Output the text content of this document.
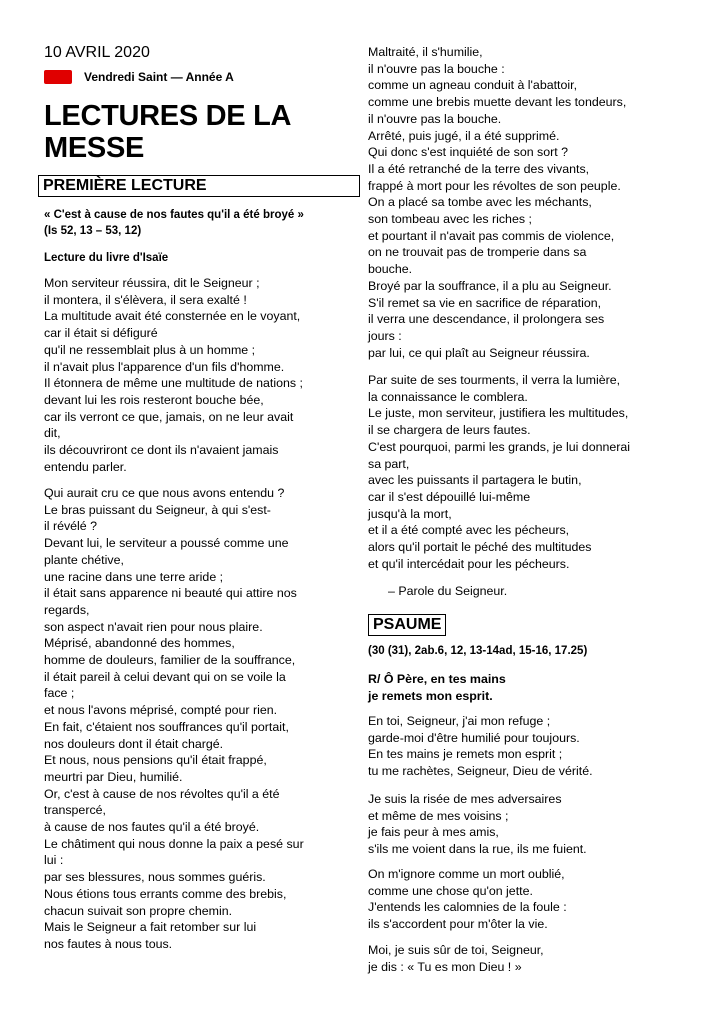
10 AVRIL 2020
Vendredi Saint — Année A
LECTURES DE LA
MESSE
PREMIÈRE LECTURE
« C'est à cause de nos fautes qu'il a été broyé »
(Is 52, 13 – 53, 12)
Lecture du livre d'Isaïe
Mon serviteur réussira, dit le Seigneur ;
il montera, il s'élèvera, il sera exalté !
La multitude avait été consternée en le voyant,
car il était si défiguré
qu'il ne ressemblait plus à un homme ;
il n'avait plus l'apparence d'un fils d'homme.
Il étonnera de même une multitude de nations ;
devant lui les rois resteront bouche bée,
car ils verront ce que, jamais, on ne leur avait
dit,
ils découvriront ce dont ils n'avaient jamais
entendu parler.
Qui aurait cru ce que nous avons entendu ?
Le bras puissant du Seigneur, à qui s'est-
il révélé ?
Devant lui, le serviteur a poussé comme une
plante chétive,
une racine dans une terre aride ;
il était sans apparence ni beauté qui attire nos
regards,
son aspect n'avait rien pour nous plaire.
Méprisé, abandonné des hommes,
homme de douleurs, familier de la souffrance,
il était pareil à celui devant qui on se voile la
face ;
et nous l'avons méprisé, compté pour rien.
En fait, c'étaient nos souffrances qu'il portait,
nos douleurs dont il était chargé.
Et nous, nous pensions qu'il était frappé,
meurtri par Dieu, humilié.
Or, c'est à cause de nos révoltes qu'il a été
transpercé,
à cause de nos fautes qu'il a été broyé.
Le châtiment qui nous donne la paix a pesé sur
lui :
par ses blessures, nous sommes guéris.
Nous étions tous errants comme des brebis,
chacun suivait son propre chemin.
Mais le Seigneur a fait retomber sur lui
nos fautes à nous tous.
Maltraité, il s'humilie,
il n'ouvre pas la bouche :
comme un agneau conduit à l'abattoir,
comme une brebis muette devant les tondeurs,
il n'ouvre pas la bouche.
Arrêté, puis jugé, il a été supprimé.
Qui donc s'est inquiété de son sort ?
Il a été retranché de la terre des vivants,
frappé à mort pour les révoltes de son peuple.
On a placé sa tombe avec les méchants,
son tombeau avec les riches ;
et pourtant il n'avait pas commis de violence,
on ne trouvait pas de tromperie dans sa
bouche.
Broyé par la souffrance, il a plu au Seigneur.
S'il remet sa vie en sacrifice de réparation,
il verra une descendance, il prolongera ses
jours :
par lui, ce qui plaît au Seigneur réussira.
Par suite de ses tourments, il verra la lumière,
la connaissance le comblera.
Le juste, mon serviteur, justifiera les multitudes,
il se chargera de leurs fautes.
C'est pourquoi, parmi les grands, je lui donnerai
sa part,
avec les puissants il partagera le butin,
car il s'est dépouillé lui-même
jusqu'à la mort,
et il a été compté avec les pécheurs,
alors qu'il portait le péché des multitudes
et qu'il intercédait pour les pécheurs.
– Parole du Seigneur.
PSAUME
(30 (31), 2ab.6, 12, 13-14ad, 15-16, 17.25)
R/ Ô Père, en tes mains
je remets mon esprit.
En toi, Seigneur, j'ai mon refuge ;
garde-moi d'être humilié pour toujours.
En tes mains je remets mon esprit ;
tu me rachètes, Seigneur, Dieu de vérité.
Je suis la risée de mes adversaires
et même de mes voisins ;
je fais peur à mes amis,
s'ils me voient dans la rue, ils me fuient.
On m'ignore comme un mort oublié,
comme une chose qu'on jette.
J'entends les calomnies de la foule :
ils s'accordent pour m'ôter la vie.
Moi, je suis sûr de toi, Seigneur,
je dis : « Tu es mon Dieu ! »
